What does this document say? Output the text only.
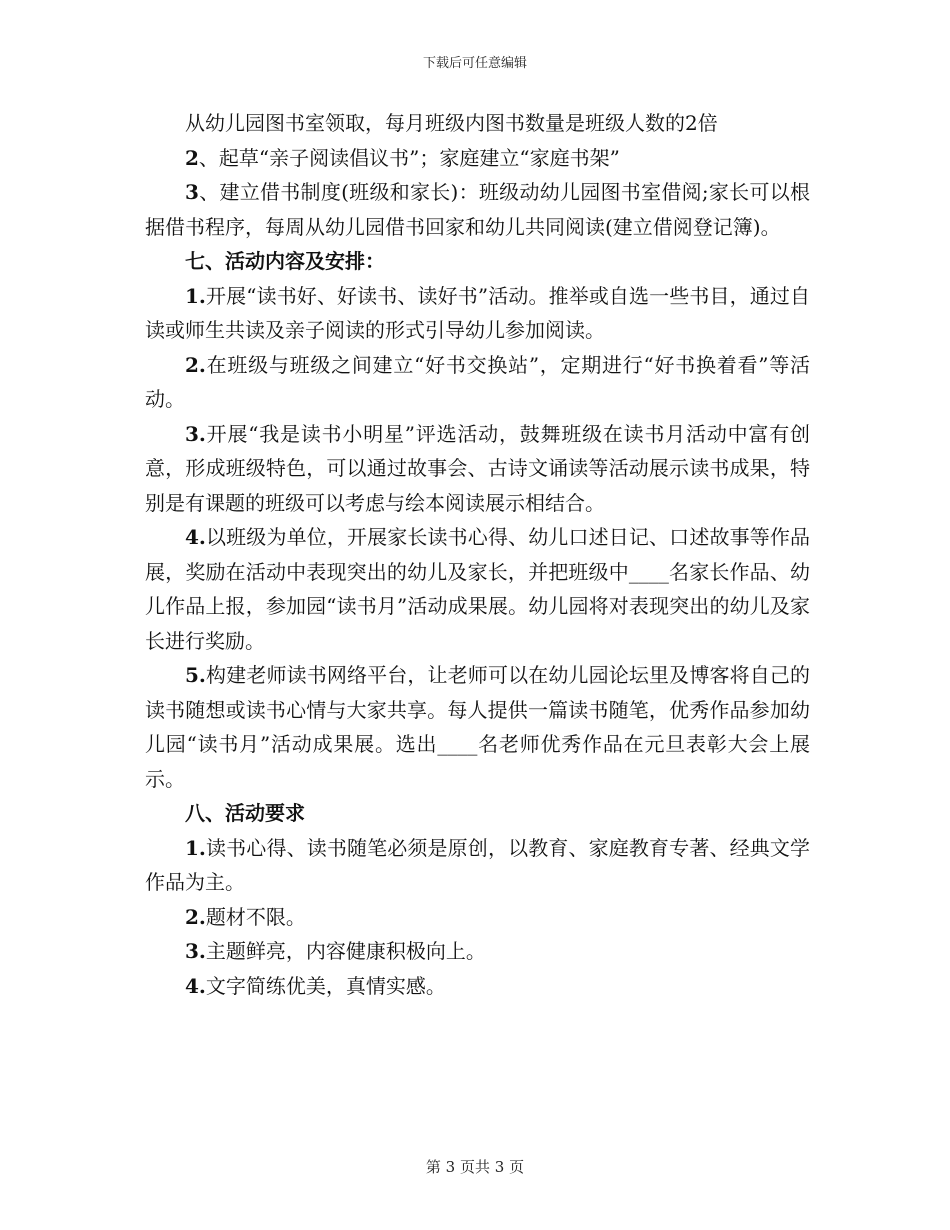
下载后可任意编辑

从幼儿园图书室领取，每月班级内图书数量是班级人数的2倍

2、起草“亲子阅读倡议书”；家庭建立“家庭书架”

3、建立借书制度(班级和家长)：班级动幼儿园图书室借阅;家长可以根据借书程序，每周从幼儿园借书回家和幼儿共同阅读(建立借阅登记簿)。

七、活动内容及安排：

1.开展“读书好、好读书、读好书”活动。推举或自选一些书目，通过自读或师生共读及亲子阅读的形式引导幼儿参加阅读。

2.在班级与班级之间建立“好书交换站”，定期进行“好书换着看”等活动。

3.开展“我是读书小明星”评选活动，鼓舞班级在读书月活动中富有创意，形成班级特色，可以通过故事会、古诗文诵读等活动展示读书成果，特别是有课题的班级可以考虑与绘本阅读展示相结合。

4.以班级为单位，开展家长读书心得、幼儿口述日记、口述故事等作品展，奖励在活动中表现突出的幼儿及家长，并把班级中____名家长作品、幼儿作品上报，参加园“读书月”活动成果展。幼儿园将对表现突出的幼儿及家长进行奖励。

5.构建老师读书网络平台，让老师可以在幼儿园论坛里及博客将自己的读书随想或读书心情与大家共享。每人提供一篇读书随笔，优秀作品参加幼儿园“读书月”活动成果展。选出____名老师优秀作品在元旦表彰大会上展示。

八、活动要求

1.读书心得、读书随笔必须是原创，以教育、家庭教育专著、经典文学作品为主。

2.题材不限。

3.主题鲜亮，内容健康积极向上。

4.文字简练优美，真情实感。

第 3 页共 3 页
